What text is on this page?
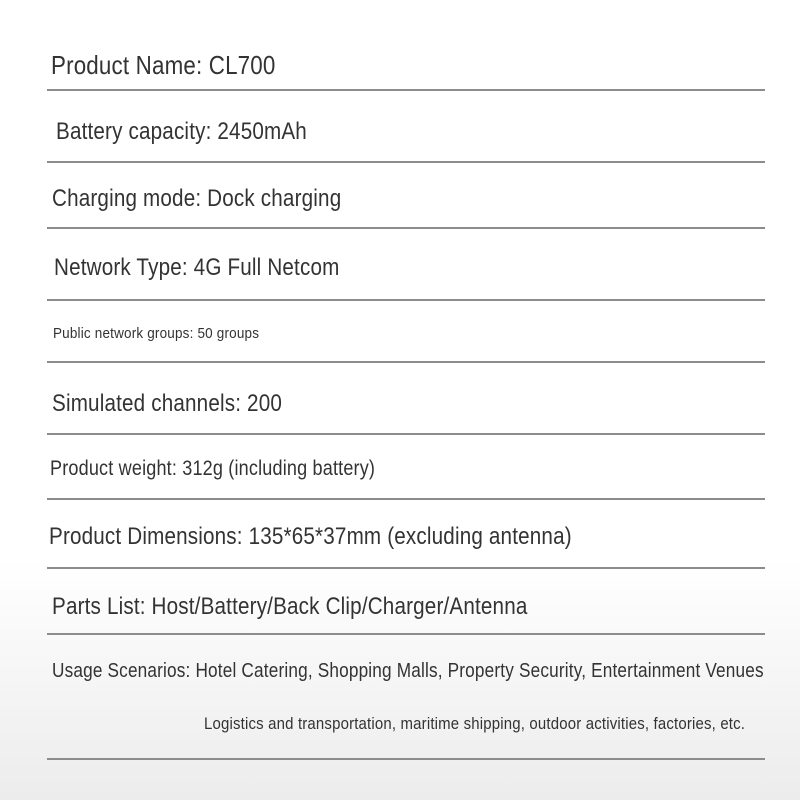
Product Name: CL700
Battery capacity: 2450mAh
Charging mode: Dock charging
Network Type: 4G Full Netcom
Public network groups: 50 groups
Simulated channels: 200
Product weight: 312g (including battery)
Product Dimensions: 135*65*37mm (excluding antenna)
Parts List: Host/Battery/Back Clip/Charger/Antenna
Usage Scenarios: Hotel Catering, Shopping Malls, Property Security, Entertainment Venues
Logistics and transportation, maritime shipping, outdoor activities, factories, etc.
